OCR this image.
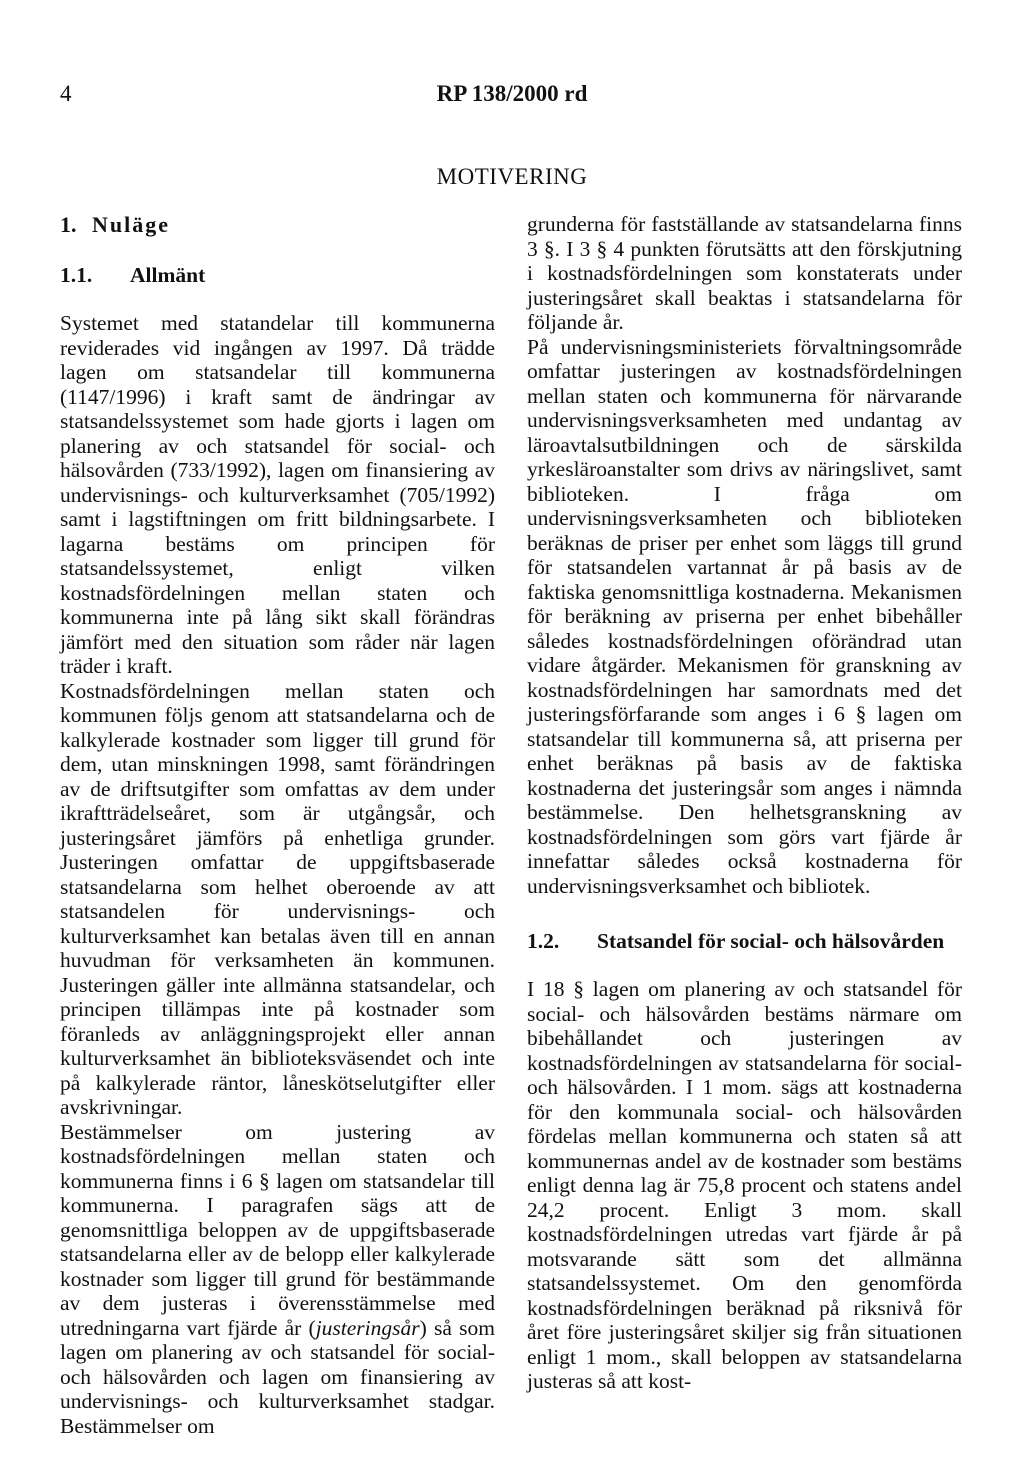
4	RP 138/2000 rd
MOTIVERING
1. Nuläge
1.1.	Allmänt

Systemet med statandelar till kommunerna reviderades vid ingången av 1997. Då trädde lagen om statsandelar till kommunerna (1147/1996) i kraft samt de ändringar av statsandelssystemet som hade gjorts i lagen om planering av och statsandel för social- och hälsovården (733/1992), lagen om finansiering av undervisnings- och kulturverksamhet (705/1992) samt i lagstiftningen om fritt bildningsarbete. I lagarna bestäms om principen för statsandelssystemet, enligt vilken kostnadsfördelningen mellan staten och kommunerna inte på lång sikt skall förändras jämfört med den situation som råder när lagen träder i kraft.

Kostnadsfördelningen mellan staten och kommunen följs genom att statsandelarna och de kalkylerade kostnader som ligger till grund för dem, utan minskningen 1998, samt förändringen av de driftsutgifter som omfattas av dem under ikraftträdelseåret, som är utgångsår, och justeringsåret jämförs på enhetliga grunder. Justeringen omfattar de uppgiftsbaserade statsandelarna som helhet oberoende av att statsandelen för undervisnings- och kulturverksamhet kan betalas även till en annan huvudman för verksamheten än kommunen. Justeringen gäller inte allmänna statsandelar, och principen tillämpas inte på kostnader som föranleds av anläggningsprojekt eller annan kulturverksamhet än biblioteksväsendet och inte på kalkylerade räntor, låneskötselutgifter eller avskrivningar.

Bestämmelser om justering av kostnadsfördelningen mellan staten och kommunerna finns i 6 § lagen om statsandelar till kommunerna. I paragrafen sägs att de genomsnittliga beloppen av de uppgiftsbaserade statsandelarna eller av de belopp eller kalkylerade kostnader som ligger till grund för bestämmande av dem justeras i överensstämmelse med utredningarna vart fjärde år (justeringsår) så som lagen om planering av och statsandel för social- och hälsovården och lagen om finansiering av undervisnings- och kulturverksamhet stadgar. Bestämmelser om

grunderna för fastställande av statsandelarna finns 3 §. I 3 § 4 punkten förutsätts att den förskjutning i kostnadsfördelningen som konstaterats under justeringsåret skall beaktas i statsandelarna för följande år.

På undervisningsministeriets förvaltningsområde omfattar justeringen av kostnadsfördelningen mellan staten och kommunerna för närvarande undervisningsverksamheten med undantag av läroavtalsutbildningen och de särskilda yrkesläroanstalter som drivs av näringslivet, samt biblioteken. I fråga om undervisningsverksamheten och biblioteken beräknas de priser per enhet som läggs till grund för statsandelen vartannat år på basis av de faktiska genomsnittliga kostnaderna. Mekanismen för beräkning av priserna per enhet bibehåller således kostnadsfördelningen oförändrad utan vidare åtgärder. Mekanismen för granskning av kostnadsfördelningen har samordnats med det justeringsförfarande som anges i 6 § lagen om statsandelar till kommunerna så, att priserna per enhet beräknas på basis av de faktiska kostnaderna det justeringsår som anges i nämnda bestämmelse. Den helhetsgranskning av kostnadsfördelningen som görs vart fjärde år innefattar således också kostnaderna för undervisningsverksamhet och bibliotek.

1.2.	Statsandel för social- och hälsovården

I 18 § lagen om planering av och statsandel för social- och hälsovården bestäms närmare om bibehållandet och justeringen av kostnadsfördelningen av statsandelarna för social- och hälsovården. I 1 mom. sägs att kostnaderna för den kommunala social- och hälsovården fördelas mellan kommunerna och staten så att kommunernas andel av de kostnader som bestäms enligt denna lag är 75,8 procent och statens andel 24,2 procent. Enligt 3 mom. skall kostnadsfördelningen utredas vart fjärde år på motsvarande sätt som det allmänna statsandelssystemet. Om den genomförda kostnadsfördelningen beräknad på riksnivå för året före justeringsåret skiljer sig från situationen enligt 1 mom., skall beloppen av statsandelarna justeras så att kost-
